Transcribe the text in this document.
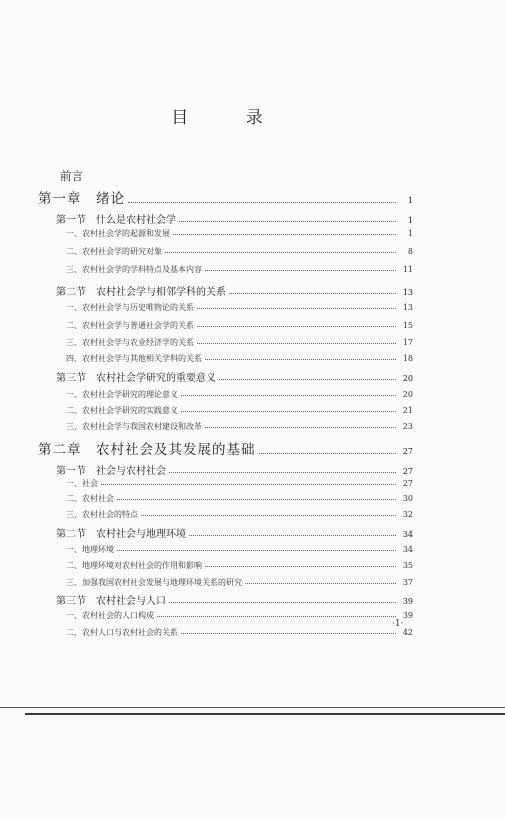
目 录
前言
第一章　绪论	1
第一节　什么是农村社会学	1
一、农村社会学的起源和发展	1
二、农村社会学的研究对象	8
三、农村社会学的学科特点及基本内容	11
第二节　农村社会学与相邻学科的关系	13
一、农村社会学与历史唯物论的关系	13
二、农村社会学与普通社会学的关系	15
三、农村社会学与农业经济学的关系	17
四、农村社会学与其他相关学科的关系	18
第三节　农村社会学研究的重要意义	20
一、农村社会学研究的理论意义	20
二、农村社会学研究的实践意义	21
三、农村社会学与我国农村建设和改革	23
第二章　农村社会及其发展的基础	27
第一节　社会与农村社会	27
一、社会	27
二、农村社会	30
三、农村社会的特点	32
第二节　农村社会与地理环境	34
一、地理环境	34
二、地理环境对农村社会的作用和影响	35
三、加强我国农村社会发展与地理环境关系的研究	37
第三节　农村社会与人口	39
一、农村社会的人口构成	39
二、农村人口与农村社会的关系	42
·1·
